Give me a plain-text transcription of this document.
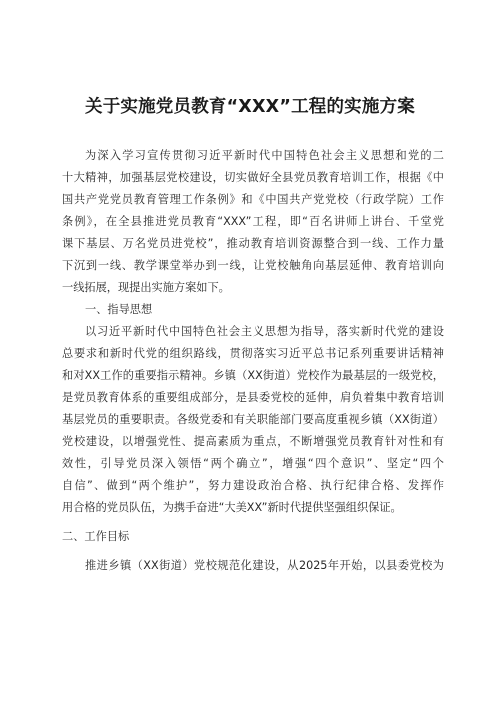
关于实施党员教育“XXX”工程的实施方案
为深入学习宣传贯彻习近平新时代中国特色社会主义思想和党的二
十大精神，加强基层党校建设，切实做好全县党员教育培训工作，根据《中
国共产党党员教育管理工作条例》和《中国共产党党校（行政学院）工作
条例》，在全县推进党员教育“XXX”工程，即“百名讲师上讲台、千堂党
课下基层、万名党员进党校”，推动教育培训资源整合到一线、工作力量
下沉到一线、教学课堂举办到一线，让党校触角向基层延伸、教育培训向
一线拓展，现提出实施方案如下。
一、指导思想
以习近平新时代中国特色社会主义思想为指导，落实新时代党的建设
总要求和新时代党的组织路线，贯彻落实习近平总书记系列重要讲话精神
和对XX工作的重要指示精神。乡镇（XX街道）党校作为最基层的一级党校，
是党员教育体系的重要组成部分，是县委党校的延伸，肩负着集中教育培训
基层党员的重要职责。各级党委和有关职能部门要高度重视乡镇（XX街道）
党校建设，以增强党性、提高素质为重点，不断增强党员教育针对性和有
效性，引导党员深入领悟“两个确立”，增强“四个意识”、坚定“四个
自信”、做到“两个维护”，努力建设政治合格、执行纪律合格、发挥作
用合格的党员队伍，为携手奋进“大美XX”新时代提供坚强组织保证。
二、工作目标
推进乡镇（XX街道）党校规范化建设，从2025年开始，以县委党校为
